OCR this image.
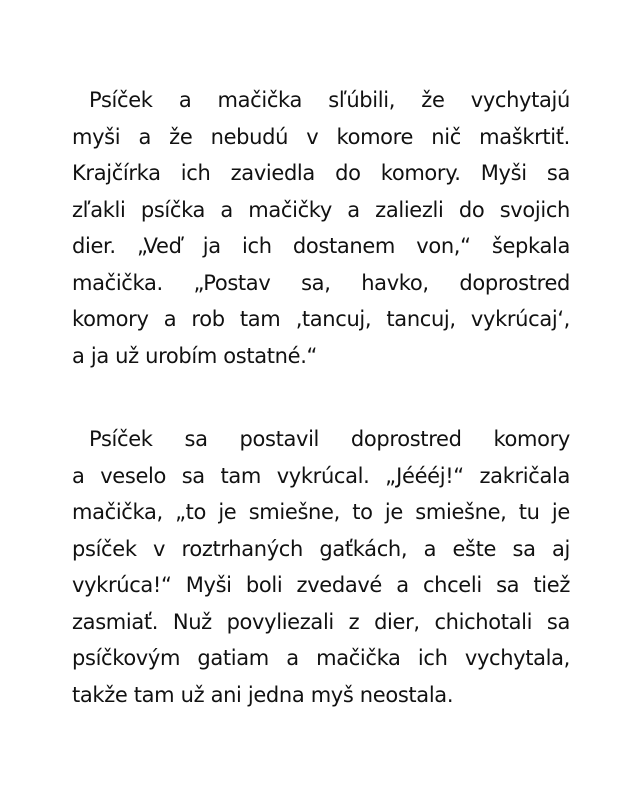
Psíček a mačička sľúbili, že vychytajú
myši a že nebudú v komore nič maškrtiť.
Krajčírka ich zaviedla do komory. Myši sa
zľakli psíčka a mačičky a zaliezli do svojich
dier. „Veď ja ich dostanem von,“ šepkala
mačička. „Postav sa, havko, doprostred
komory a rob tam ‚tancuj, tancuj, vykrúcaj‘,
a ja už urobím ostatné.“
Psíček sa postavil doprostred komory
a veselo sa tam vykrúcal. „Jéééj!“ zakričala
mačička, „to je smiešne, to je smiešne, tu je
psíček v roztrhaných gaťkách, a ešte sa aj
vykrúca!“ Myši boli zvedavé a chceli sa tiež
zasmiať. Nuž povyliezali z dier, chichotali sa
psíčkovým gatiam a mačička ich vychytala,
takže tam už ani jedna myš neostala.
